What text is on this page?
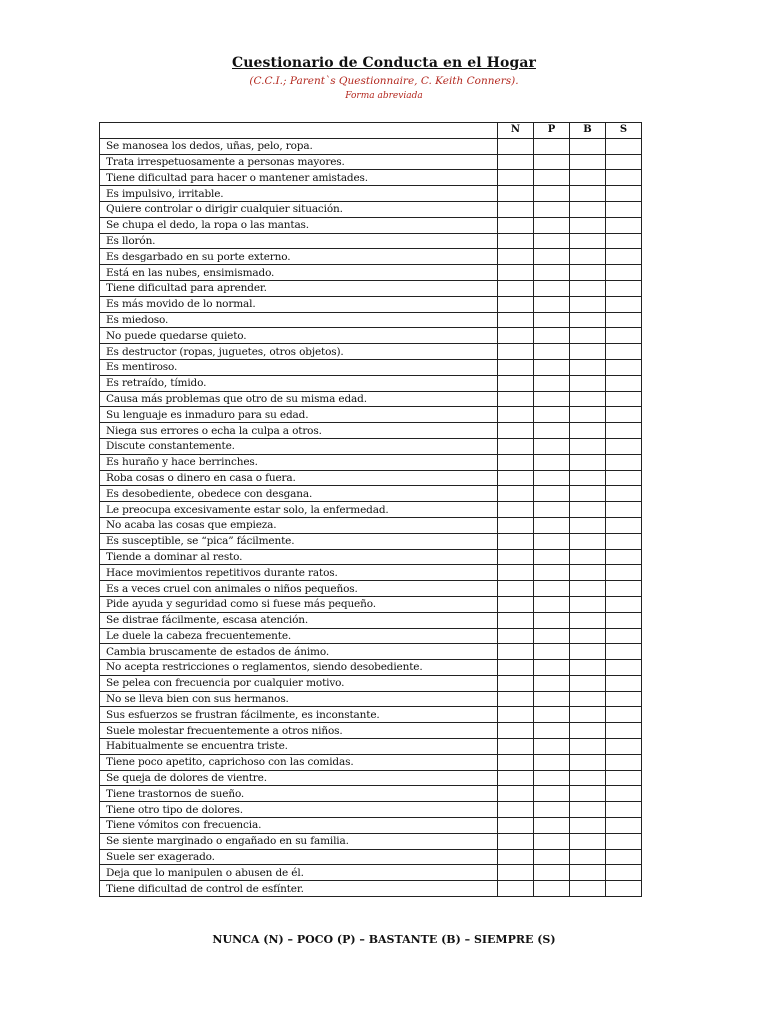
Cuestionario de Conducta en el Hogar
(C.C.I.; Parent`s Questionnaire, C. Keith Conners).
Forma abreviada
	N	P	B	S
Se manosea los dedos, uñas, pelo, ropa.				
Trata irrespetuosamente a personas mayores.				
Tiene dificultad para hacer o mantener amistades.				
Es impulsivo, irritable.				
Quiere controlar o dirigir cualquier situación.				
Se chupa el dedo, la ropa o las mantas.				
Es llorón.				
Es desgarbado en su porte externo.				
Está en las nubes, ensimismado.				
Tiene dificultad para aprender.				
Es más movido de lo normal.				
Es miedoso.				
No puede quedarse quieto.				
Es destructor (ropas, juguetes, otros objetos).				
Es mentiroso.				
Es retraído, tímido.				
Causa más problemas que otro de su misma edad.				
Su lenguaje es inmaduro para su edad.				
Niega sus errores o echa la culpa a otros.				
Discute constantemente.				
Es huraño y hace berrinches.				
Roba cosas o dinero en casa o fuera.				
Es desobediente, obedece con desgana.				
Le preocupa excesivamente estar solo, la enfermedad.				
No acaba las cosas que empieza.				
Es susceptible, se “pica” fácilmente.				
Tiende a dominar al resto.				
Hace movimientos repetitivos durante ratos.				
Es a veces cruel con animales o niños pequeños.				
Pide ayuda y seguridad como si fuese más pequeño.				
Se distrae fácilmente, escasa atención.				
Le duele la cabeza frecuentemente.				
Cambia bruscamente de estados de ánimo.				
No acepta restricciones o reglamentos, siendo desobediente.				
Se pelea con frecuencia por cualquier motivo.				
No se lleva bien con sus hermanos.				
Sus esfuerzos se frustran fácilmente, es inconstante.				
Suele molestar frecuentemente a otros niños.				
Habitualmente se encuentra triste.				
Tiene poco apetito, caprichoso con las comidas.				
Se queja de dolores de vientre.				
Tiene trastornos de sueño.				
Tiene otro tipo de dolores.				
Tiene vómitos con frecuencia.				
Se siente marginado o engañado en su familia.				
Suele ser exagerado.				
Deja que lo manipulen o abusen de él.				
Tiene dificultad de control de esfínter.				
NUNCA (N) – POCO (P) – BASTANTE (B) – SIEMPRE (S)
